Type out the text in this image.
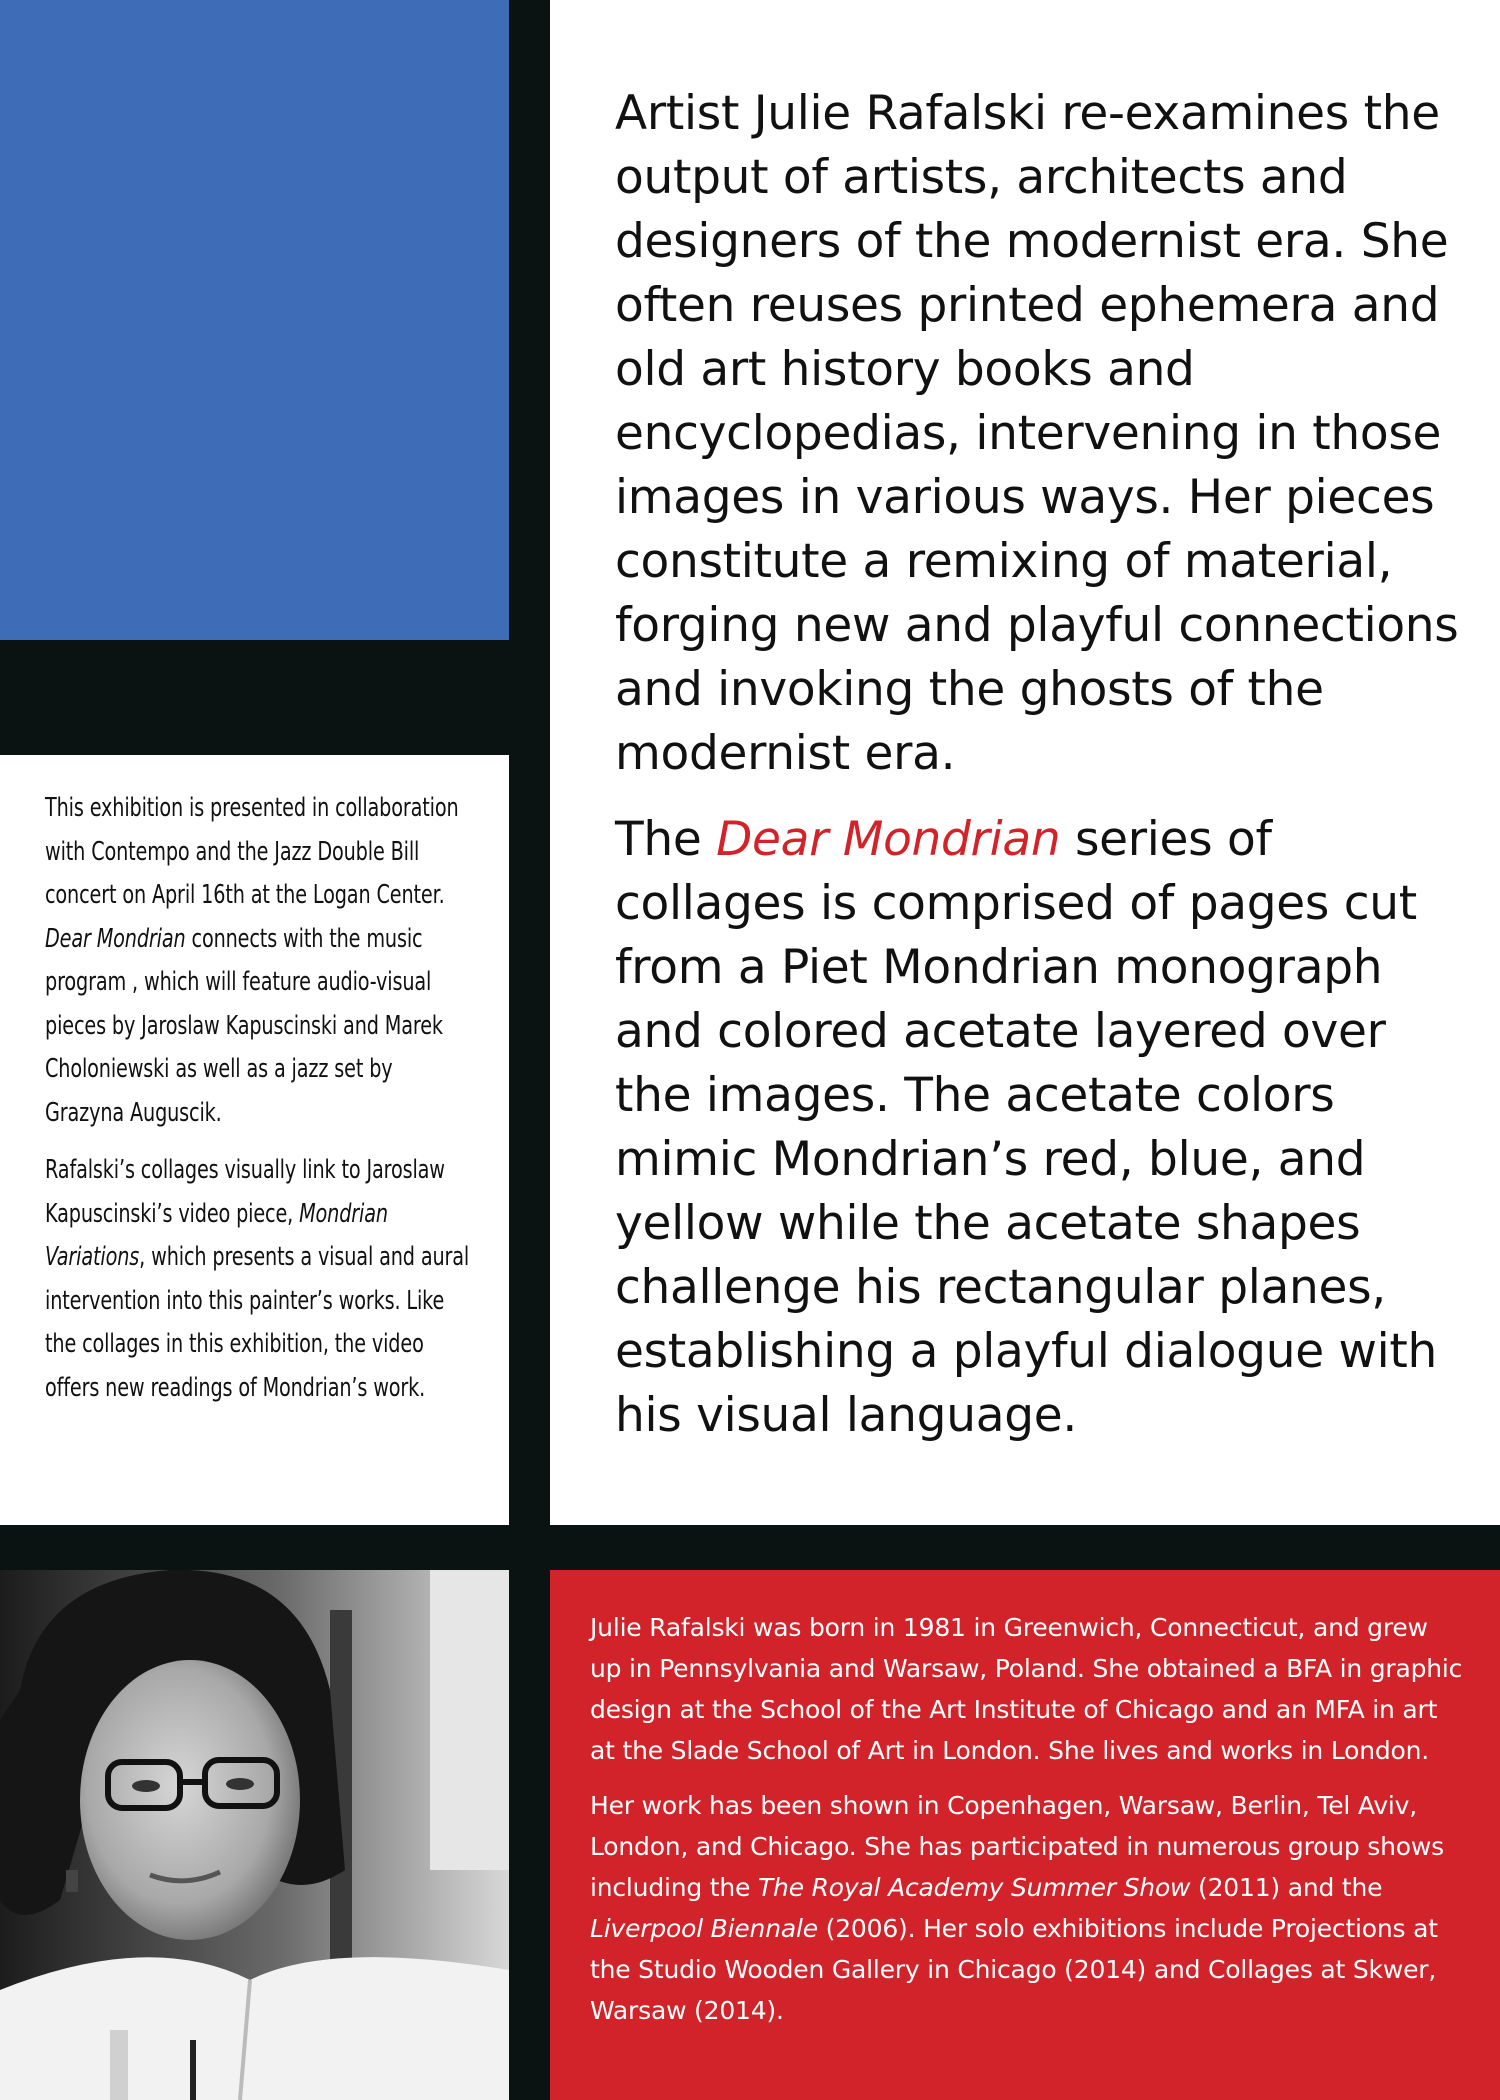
Artist Julie Rafalski re-examines the output of artists, architects and designers of the modernist era. She often reuses printed ephemera and old art history books and encyclopedias, intervening in those images in various ways. Her pieces constitute a remixing of material, forging new and playful connections and invoking the ghosts of the modernist era.

The Dear Mondrian series of collages is comprised of pages cut from a Piet Mondrian monograph and colored acetate layered over the images. The acetate colors mimic Mondrian’s red, blue, and yellow while the acetate shapes challenge his rectangular planes, establishing a playful dialogue with his visual language.

This exhibition is presented in collaboration with Contempo and the Jazz Double Bill concert on April 16th at the Logan Center. Dear Mondrian connects with the music program , which will feature audio-visual pieces by Jaroslaw Kapuscinski and Marek Choloniewski as well as a jazz set by Grazyna Auguscik.

Rafalski’s collages visually link to Jaroslaw Kapuscinski’s video piece, Mondrian Variations, which presents a visual and aural intervention into this painter’s works. Like the collages in this exhibition, the video offers new readings of Mondrian’s work.

Julie Rafalski was born in 1981 in Greenwich, Connecticut, and grew up in Pennsylvania and Warsaw, Poland. She obtained a BFA in graphic design at the School of the Art Institute of Chicago and an MFA in art at the Slade School of Art in London. She lives and works in London.

Her work has been shown in Copenhagen, Warsaw, Berlin, Tel Aviv, London, and Chicago. She has participated in numerous group shows including the The Royal Academy Summer Show (2011) and the Liverpool Biennale (2006). Her solo exhibitions include Projections at the Studio Wooden Gallery in Chicago (2014) and Collages at Skwer, Warsaw (2014).
